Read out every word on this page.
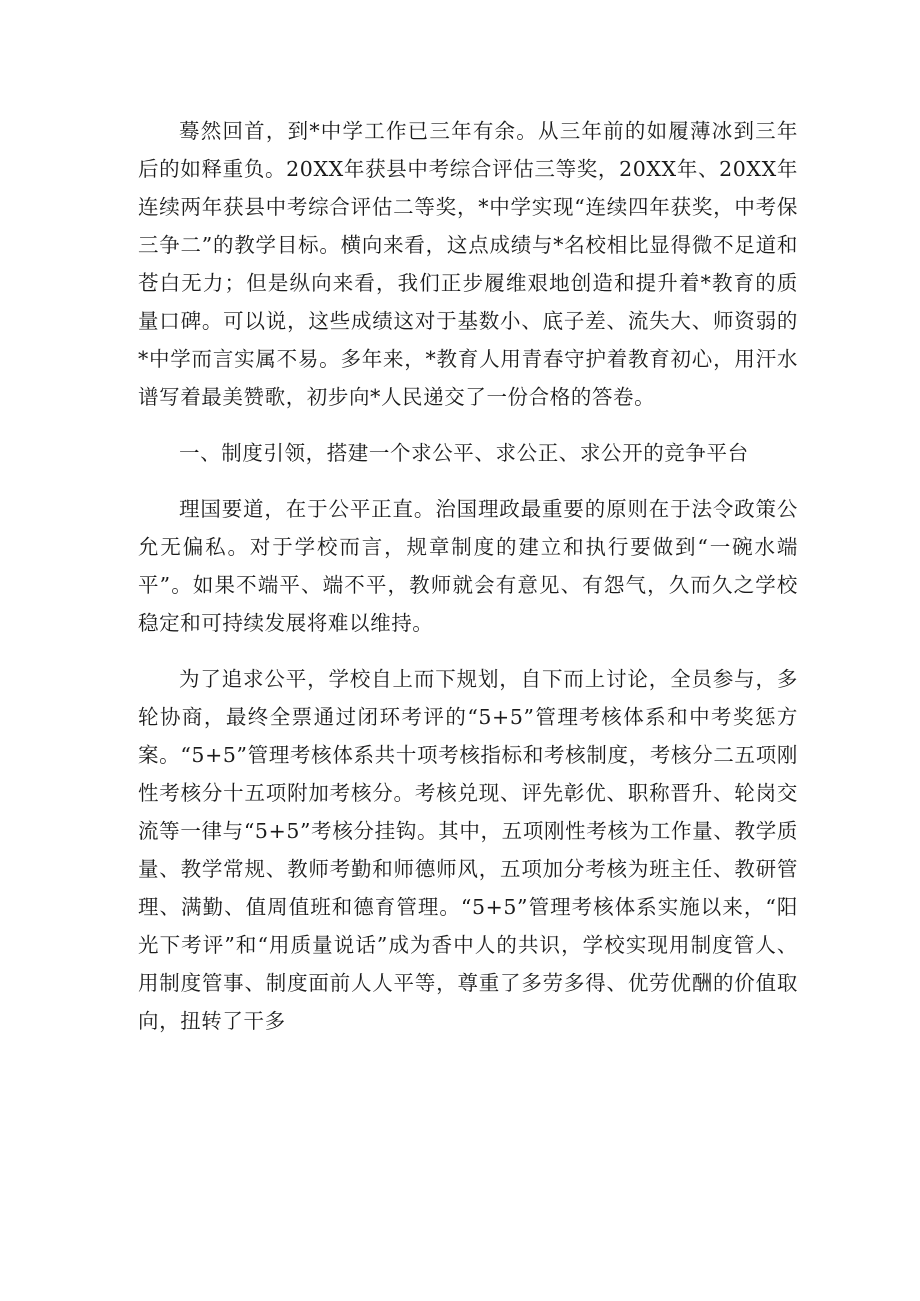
蓦然回首，到*中学工作已三年有余。从三年前的如履薄冰到三年后的如释重负。20XX年获县中考综合评估三等奖，20XX年、20XX年连续两年获县中考综合评估二等奖，*中学实现“连续四年获奖，中考保三争二”的教学目标。横向来看，这点成绩与*名校相比显得微不足道和苍白无力；但是纵向来看，我们正步履维艰地创造和提升着*教育的质量口碑。可以说，这些成绩这对于基数小、底子差、流失大、师资弱的*中学而言实属不易。多年来，*教育人用青春守护着教育初心，用汗水谱写着最美赞歌，初步向*人民递交了一份合格的答卷。

一、制度引领，搭建一个求公平、求公正、求公开的竞争平台

理国要道，在于公平正直。治国理政最重要的原则在于法令政策公允无偏私。对于学校而言，规章制度的建立和执行要做到“一碗水端平”。如果不端平、端不平，教师就会有意见、有怨气，久而久之学校稳定和可持续发展将难以维持。

为了追求公平，学校自上而下规划，自下而上讨论，全员参与，多轮协商，最终全票通过闭环考评的“5+5”管理考核体系和中考奖惩方案。“5+5”管理考核体系共十项考核指标和考核制度，考核分二五项刚性考核分十五项附加考核分。考核兑现、评先彰优、职称晋升、轮岗交流等一律与“5+5”考核分挂钩。其中，五项刚性考核为工作量、教学质量、教学常规、教师考勤和师德师风，五项加分考核为班主任、教研管理、满勤、值周值班和德育管理。“5+5”管理考核体系实施以来，“阳光下考评”和“用质量说话”成为香中人的共识，学校实现用制度管人、用制度管事、制度面前人人平等，尊重了多劳多得、优劳优酬的价值取向，扭转了干多
